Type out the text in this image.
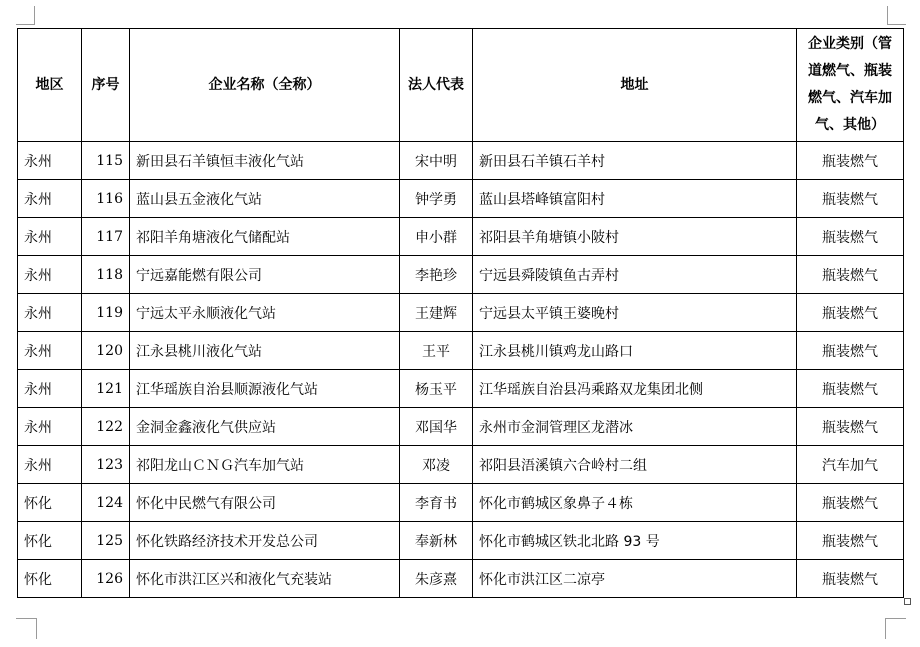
地区	序号	企业名称（全称）	法人代表	地址	企业类别（管道燃气、瓶装燃气、汽车加气、其他）
永州	115	新田县石羊镇恒丰液化气站	宋中明	新田县石羊镇石羊村	瓶装燃气
永州	116	蓝山县五金液化气站	钟学勇	蓝山县塔峰镇富阳村	瓶装燃气
永州	117	祁阳羊角塘液化气储配站	申小群	祁阳县羊角塘镇小陂村	瓶装燃气
永州	118	宁远嘉能燃有限公司	李艳珍	宁远县舜陵镇鱼古弄村	瓶装燃气
永州	119	宁远太平永顺液化气站	王建辉	宁远县太平镇王婆晚村	瓶装燃气
永州	120	江永县桃川液化气站	王平	江永县桃川镇鸡龙山路口	瓶装燃气
永州	121	江华瑶族自治县顺源液化气站	杨玉平	江华瑶族自治县冯乘路双龙集团北侧	瓶装燃气
永州	122	金洞金鑫液化气供应站	邓国华	永州市金洞管理区龙潜冰	瓶装燃气
永州	123	祁阳龙山ＣＮＧ汽车加气站	邓凌	祁阳县浯溪镇六合岭村二组	汽车加气
怀化	124	怀化中民燃气有限公司	李育书	怀化市鹤城区象鼻子４栋	瓶装燃气
怀化	125	怀化铁路经济技术开发总公司	奉新林	怀化市鹤城区铁北北路 93 号	瓶装燃气
怀化	126	怀化市洪江区兴和液化气充装站	朱彦熹	怀化市洪江区二凉亭	瓶装燃气
